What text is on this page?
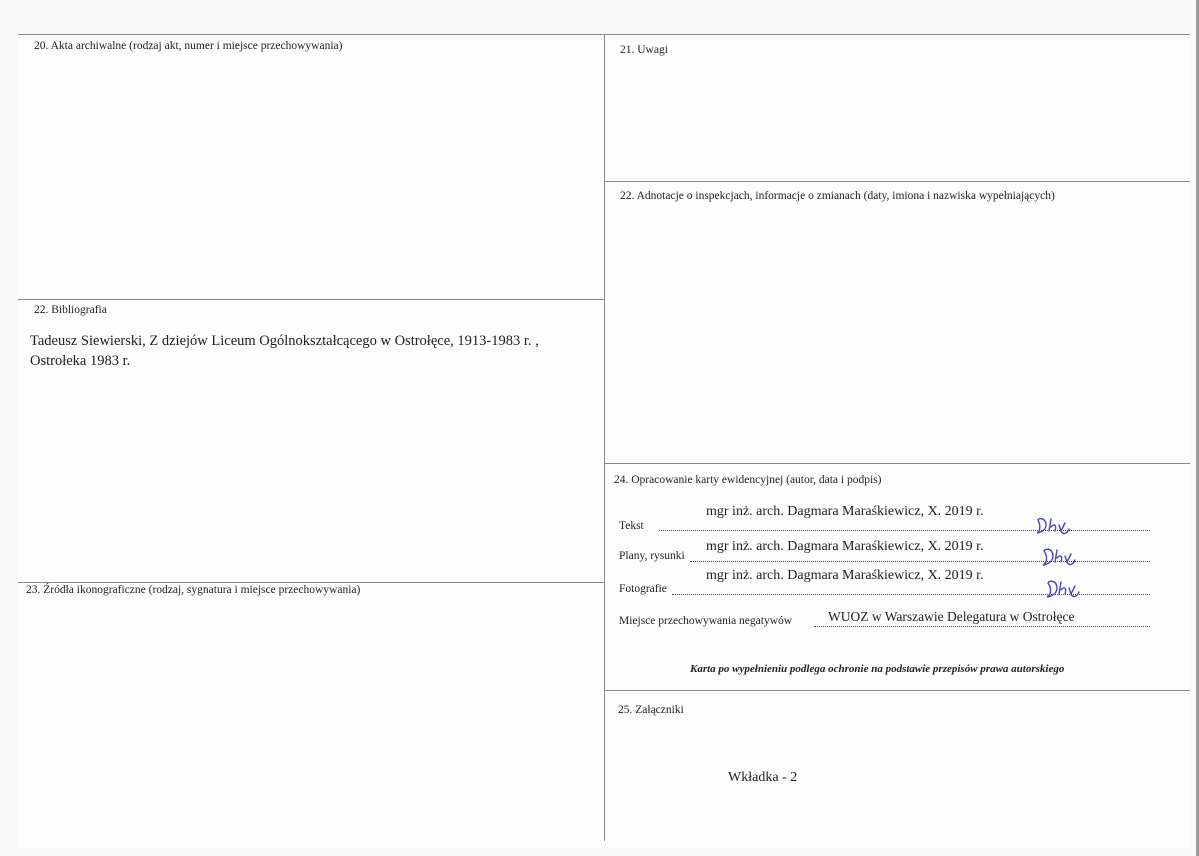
20. Akta archiwalne (rodzaj akt, numer i miejsce przechowywania)	21. Uwagi
22. Adnotacje o inspekcjach, informacje o zmianach (daty, imiona i nazwiska wypełniających)
22. Bibliografia
Tadeusz Siewierski, Z dziejów Liceum Ogólnokształcącego w Ostrołęce, 1913-1983 r. ,
Ostrołeka 1983 r.
23. Źródła ikonograficzne (rodzaj, sygnatura i miejsce przechowywania)
24. Opracowanie karty ewidencyjnej (autor, data i podpis)
mgr inż. arch. Dagmara Maraśkiewicz, X. 2019 r.
Tekst
mgr inż. arch. Dagmara Maraśkiewicz, X. 2019 r.
Plany, rysunki
mgr inż. arch. Dagmara Maraśkiewicz, X. 2019 r.
Fotografie
Miejsce przechowywania negatywów	WUOZ w Warszawie Delegatura w Ostrołęce
Karta po wypełnieniu podlega ochronie na podstawie przepisów prawa autorskiego
25. Załączniki
Wkładka - 2
